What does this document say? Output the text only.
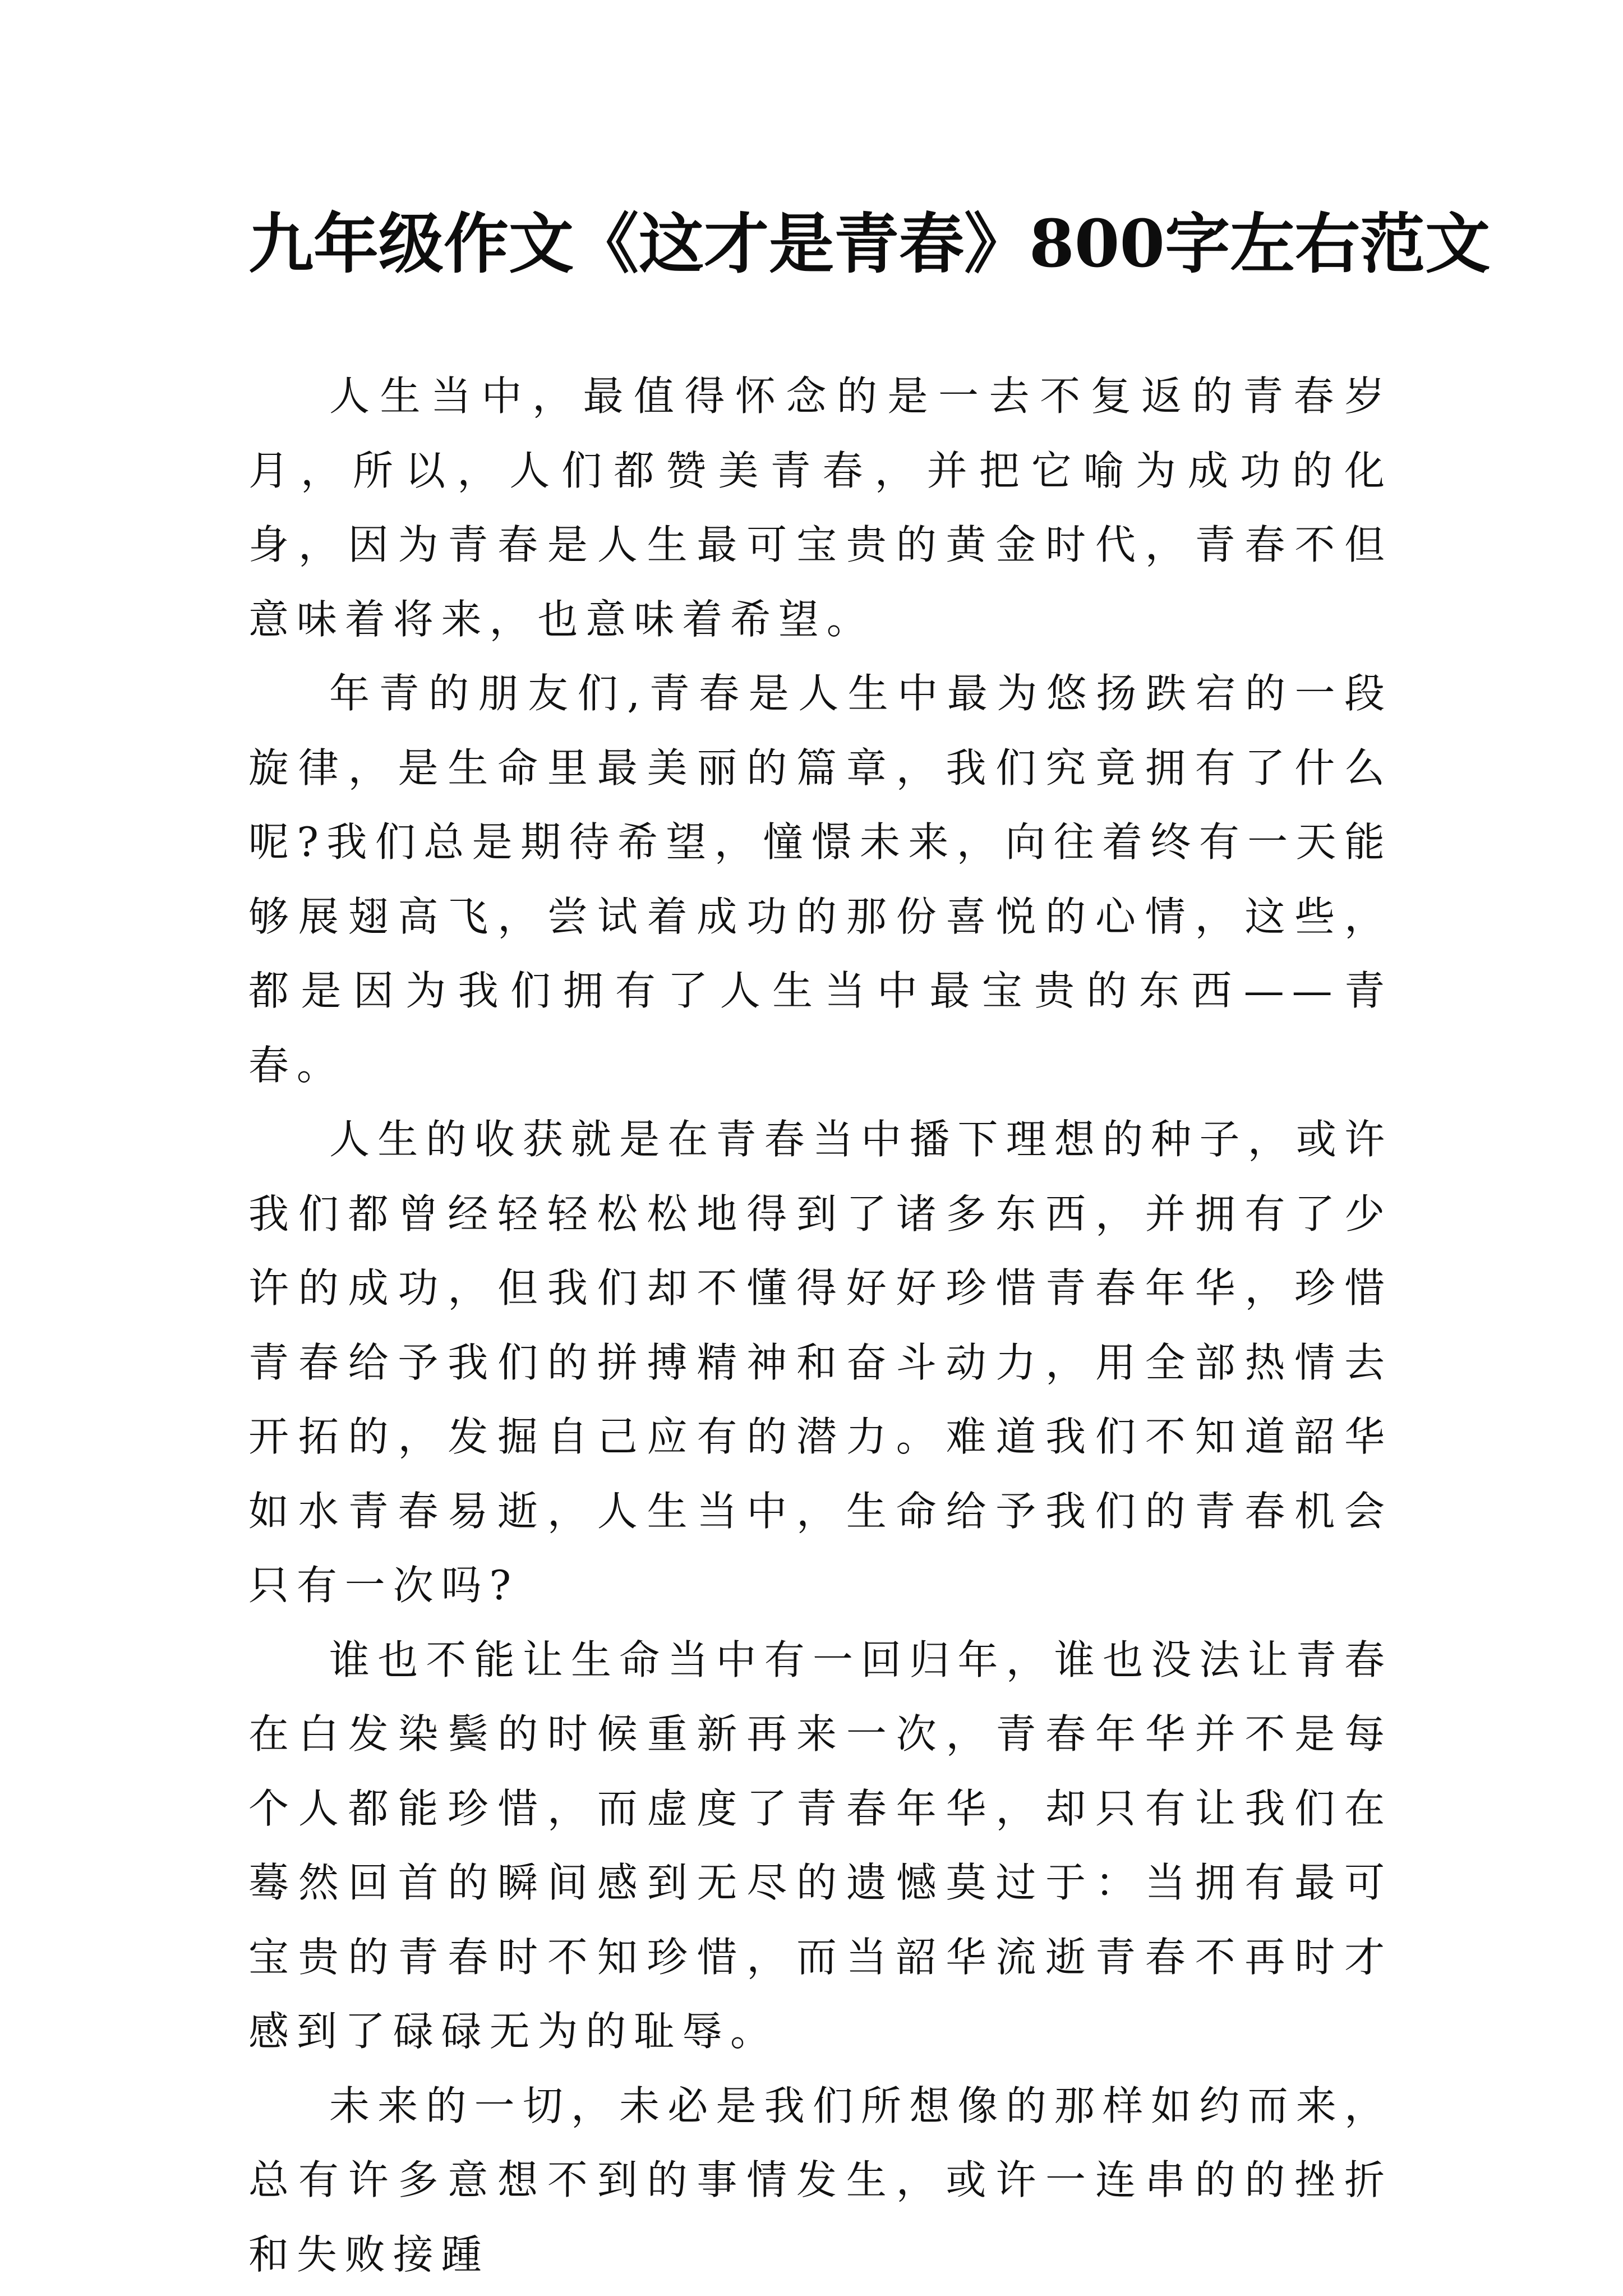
九年级作文《这才是青春》800字左右范文

人生当中，最值得怀念的是一去不复返的青春岁月，所以，人们都赞美青春，并把它喻为成功的化身，因为青春是人生最可宝贵的黄金时代，青春不但意味着将来，也意味着希望。

年青的朋友们,青春是人生中最为悠扬跌宕的一段旋律，是生命里最美丽的篇章，我们究竟拥有了什么呢?我们总是期待希望，憧憬未来，向往着终有一天能够展翅高飞，尝试着成功的那份喜悦的心情，这些，都是因为我们拥有了人生当中最宝贵的东西——青春。

人生的收获就是在青春当中播下理想的种子，或许我们都曾经轻轻松松地得到了诸多东西，并拥有了少许的成功，但我们却不懂得好好珍惜青春年华，珍惜青春给予我们的拼搏精神和奋斗动力，用全部热情去开拓的，发掘自己应有的潜力。难道我们不知道韶华如水青春易逝，人生当中，生命给予我们的青春机会只有一次吗?

谁也不能让生命当中有一回归年，谁也没法让青春在白发染鬓的时候重新再来一次，青春年华并不是每个人都能珍惜，而虚度了青春年华，却只有让我们在蓦然回首的瞬间感到无尽的遗憾莫过于：当拥有最可宝贵的青春时不知珍惜，而当韶华流逝青春不再时才感到了碌碌无为的耻辱。

未来的一切，未必是我们所想像的那样如约而来，总有许多意想不到的事情发生，或许一连串的的挫折和失败接踵
